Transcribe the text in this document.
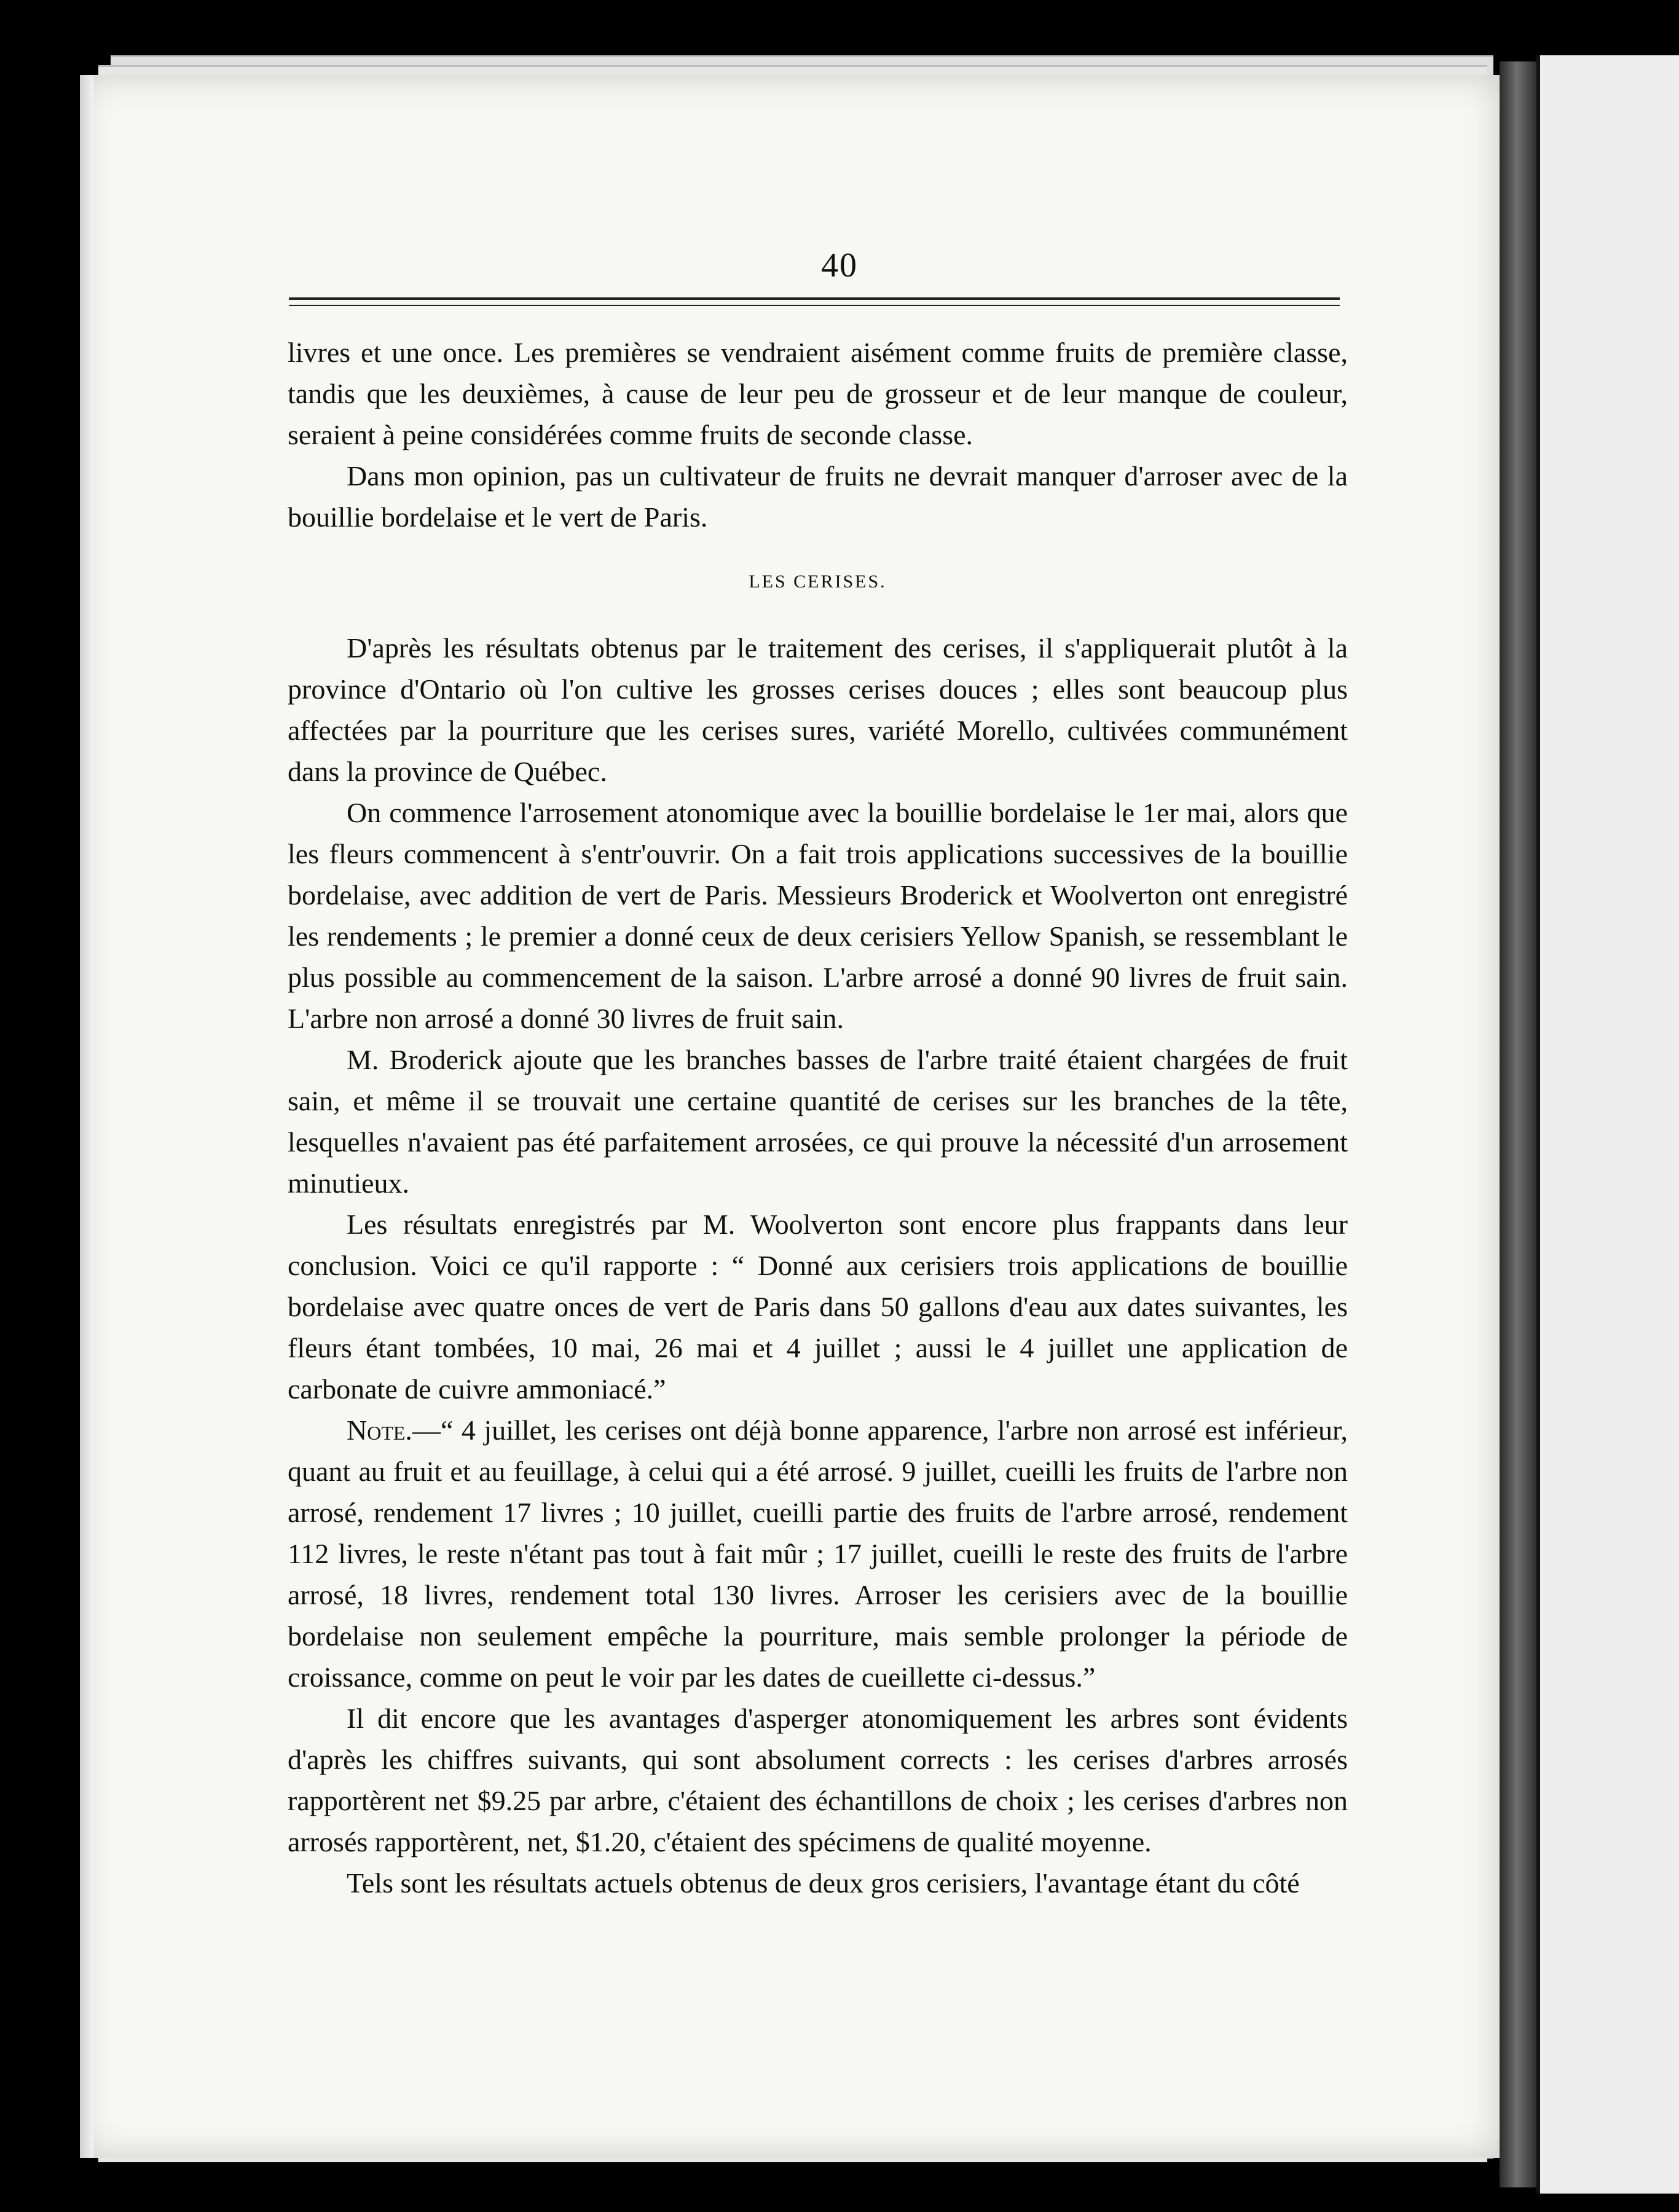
40

livres et une once. Les premières se vendraient aisément comme fruits de première classe, tandis que les deuxièmes, à cause de leur peu de grosseur et de leur manque de couleur, seraient à peine considérées comme fruits de seconde classe.

Dans mon opinion, pas un cultivateur de fruits ne devrait manquer d'arroser avec de la bouillie bordelaise et le vert de Paris.

LES CERISES.

D'après les résultats obtenus par le traitement des cerises, il s'appliquerait plutôt à la province d'Ontario où l'on cultive les grosses cerises douces ; elles sont beaucoup plus affectées par la pourriture que les cerises sures, variété Morello, cultivées communément dans la province de Québec.

On commence l'arrosement atonomique avec la bouillie bordelaise le 1er mai, alors que les fleurs commencent à s'entr'ouvrir. On a fait trois applications successives de la bouillie bordelaise, avec addition de vert de Paris. Messieurs Broderick et Woolverton ont enregistré les rendements ; le premier a donné ceux de deux cerisiers Yellow Spanish, se ressemblant le plus possible au commencement de la saison. L'arbre arrosé a donné 90 livres de fruit sain. L'arbre non arrosé a donné 30 livres de fruit sain.

M. Broderick ajoute que les branches basses de l'arbre traité étaient chargées de fruit sain, et même il se trouvait une certaine quantité de cerises sur les branches de la tête, lesquelles n'avaient pas été parfaitement arrosées, ce qui prouve la nécessité d'un arrosement minutieux.

Les résultats enregistrés par M. Woolverton sont encore plus frappants dans leur conclusion. Voici ce qu'il rapporte : “ Donné aux cerisiers trois applications de bouillie bordelaise avec quatre onces de vert de Paris dans 50 gallons d'eau aux dates suivantes, les fleurs étant tombées, 10 mai, 26 mai et 4 juillet ; aussi le 4 juillet une application de carbonate de cuivre ammoniacé.”

Note.—“ 4 juillet, les cerises ont déjà bonne apparence, l'arbre non arrosé est inférieur, quant au fruit et au feuillage, à celui qui a été arrosé. 9 juillet, cueilli les fruits de l'arbre non arrosé, rendement 17 livres ; 10 juillet, cueilli partie des fruits de l'arbre arrosé, rendement 112 livres, le reste n'étant pas tout à fait mûr ; 17 juillet, cueilli le reste des fruits de l'arbre arrosé, 18 livres, rendement total 130 livres. Arroser les cerisiers avec de la bouillie bordelaise non seulement empêche la pourriture, mais semble prolonger la période de croissance, comme on peut le voir par les dates de cueillette ci-dessus.”

Il dit encore que les avantages d'asperger atonomiquement les arbres sont évidents d'après les chiffres suivants, qui sont absolument corrects : les cerises d'arbres arrosés rapportèrent net $9.25 par arbre, c'étaient des échantillons de choix ; les cerises d'arbres non arrosés rapportèrent, net, $1.20, c'étaient des spécimens de qualité moyenne.

Tels sont les résultats actuels obtenus de deux gros cerisiers, l'avantage étant du côté
